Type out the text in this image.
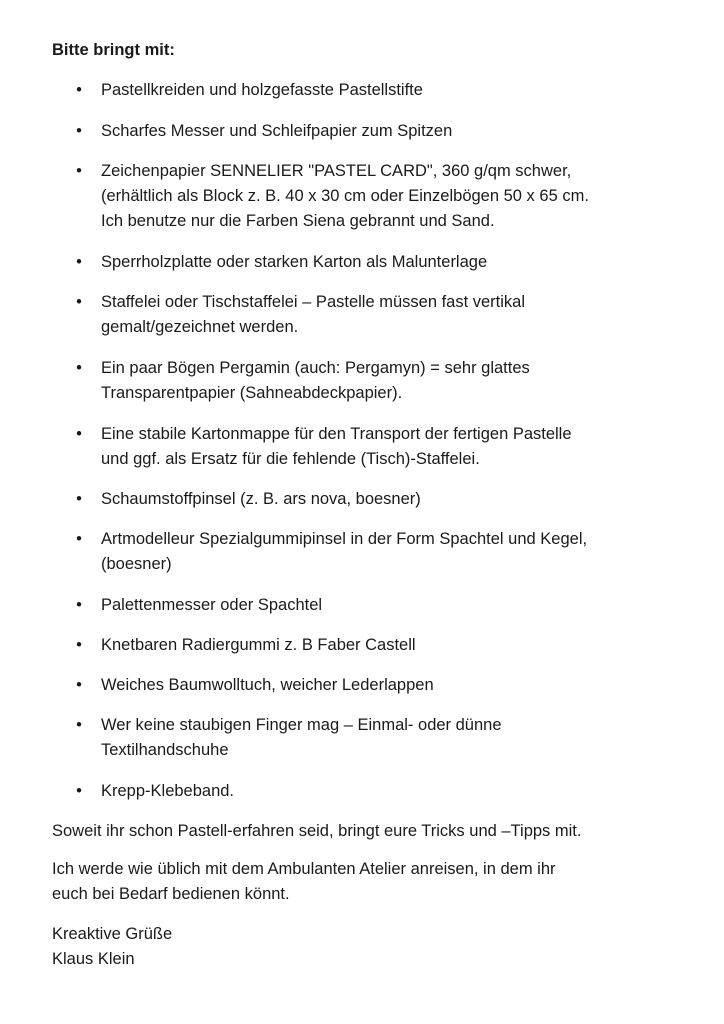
Bitte bringt mit:

• Pastellkreiden und holzgefasste Pastellstifte
• Scharfes Messer und Schleifpapier zum Spitzen
• Zeichenpapier SENNELIER "PASTEL CARD", 360 g/qm schwer,
(erhältlich als Block z. B. 40 x 30 cm oder Einzelbögen 50 x 65 cm.
Ich benutze nur die Farben Siena gebrannt und Sand.
• Sperrholzplatte oder starken Karton als Malunterlage
• Staffelei oder Tischstaffelei – Pastelle müssen fast vertikal
gemalt/gezeichnet werden.
• Ein paar Bögen Pergamin (auch: Pergamyn) = sehr glattes
Transparentpapier (Sahneabdeckpapier).
• Eine stabile Kartonmappe für den Transport der fertigen Pastelle
und ggf. als Ersatz für die fehlende (Tisch)-Staffelei.
• Schaumstoffpinsel (z. B. ars nova, boesner)
• Artmodelleur Spezialgummipinsel in der Form Spachtel und Kegel,
(boesner)
• Palettenmesser oder Spachtel
• Knetbaren Radiergummi z. B Faber Castell
• Weiches Baumwolltuch, weicher Lederlappen
• Wer keine staubigen Finger mag – Einmal- oder dünne
Textilhandschuhe
• Krepp-Klebeband.

Soweit ihr schon Pastell-erfahren seid, bringt eure Tricks und –Tipps mit.

Ich werde wie üblich mit dem Ambulanten Atelier anreisen, in dem ihr
euch bei Bedarf bedienen könnt.

Kreaktive Grüße
Klaus Klein
